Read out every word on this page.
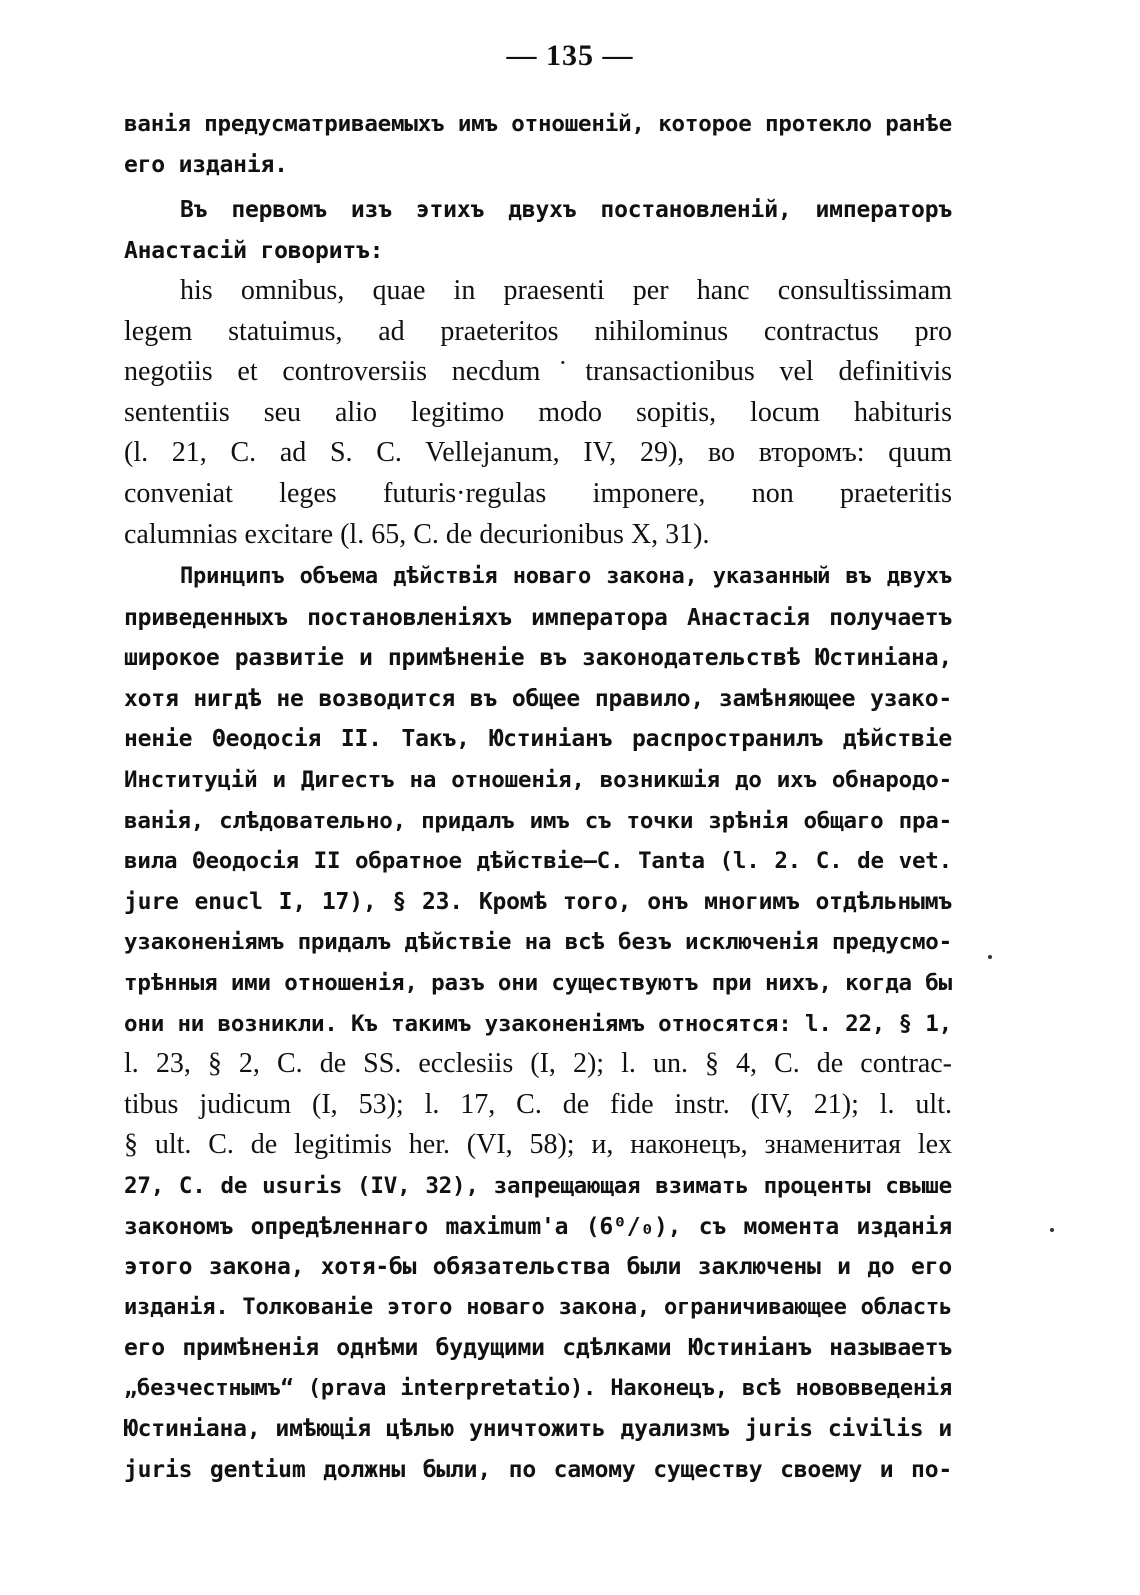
— 135 —
ванія предусматриваемыхъ имъ отношеній, которое протекло ранѣе
его изданія.
Въ первомъ изъ этихъ двухъ постановленій, императоръ
Анастасій говоритъ:
his omnibus, quae in praesenti per hanc consultissimam
legem statuimus, ad praeteritos nihilominus contractus pro
negotiis et controversiis necdum˙transactionibus vel definitivis
sententiis seu alio legitimo modo sopitis, locum habituris
(l. 21, C. ad S. C. Vellejanum, IV, 29), во второмъ: quum
conveniat leges futuris·regulas imponere, non praeteritis
calumnias excitare (l. 65, C. de decurionibus X, 31).
Принципъ объема дѣйствія новаго закона, указанный въ двухъ
приведенныхъ постановленіяхъ императора Анастасія получаетъ
широкое развитіе и примѣненіе въ законодательствѣ Юстиніана,
хотя нигдѣ не возводится въ общее правило, замѣняющее узако-
неніе Θеодосія II. Такъ, Юстиніанъ распространилъ дѣйствіе
Институцій и Дигестъ на отношенія, возникшія до ихъ обнародо-
ванія, слѣдовательно, придалъ имъ съ точки зрѣнія общаго пра-
вила Θеодосія II обратное дѣйствіе—C. Tanta (l. 2. C. de vet.
jure enucl I, 17), § 23. Кромѣ того, онъ многимъ отдѣльнымъ
узаконеніямъ придалъ дѣйствіе на всѣ безъ исключенія предусмо-
трѣнныя ими отношенія, разъ они существуютъ при нихъ, когда бы
они ни возникли. Къ такимъ узаконеніямъ относятся: l. 22, § 1,
l. 23, § 2, C. de SS. ecclesiis (I, 2); l. un. § 4, C. de contrac-
tibus judicum (I, 53); l. 17, C. de fide instr. (IV, 21); l. ult.
§ ult. C. de legitimis her. (VI, 58); и, наконецъ, знаменитая lex
27, C. de usuris (IV, 32), запрещающая взимать проценты свыше
закономъ опредѣленнаго maximum'a (6⁰/₀), съ момента изданія
этого закона, хотя-бы обязательства были заключены и до его
изданія. Толкованіе этого новаго закона, ограничивающее область
его примѣненія однѣми будущими сдѣлками Юстиніанъ называетъ
„безчестнымъ“ (prava interpretatio). Наконецъ, всѣ нововведенія
Юстиніана, имѣющія цѣлью уничтожить дуализмъ juris civilis и
juris gentium должны были, по самому существу своему и по-
